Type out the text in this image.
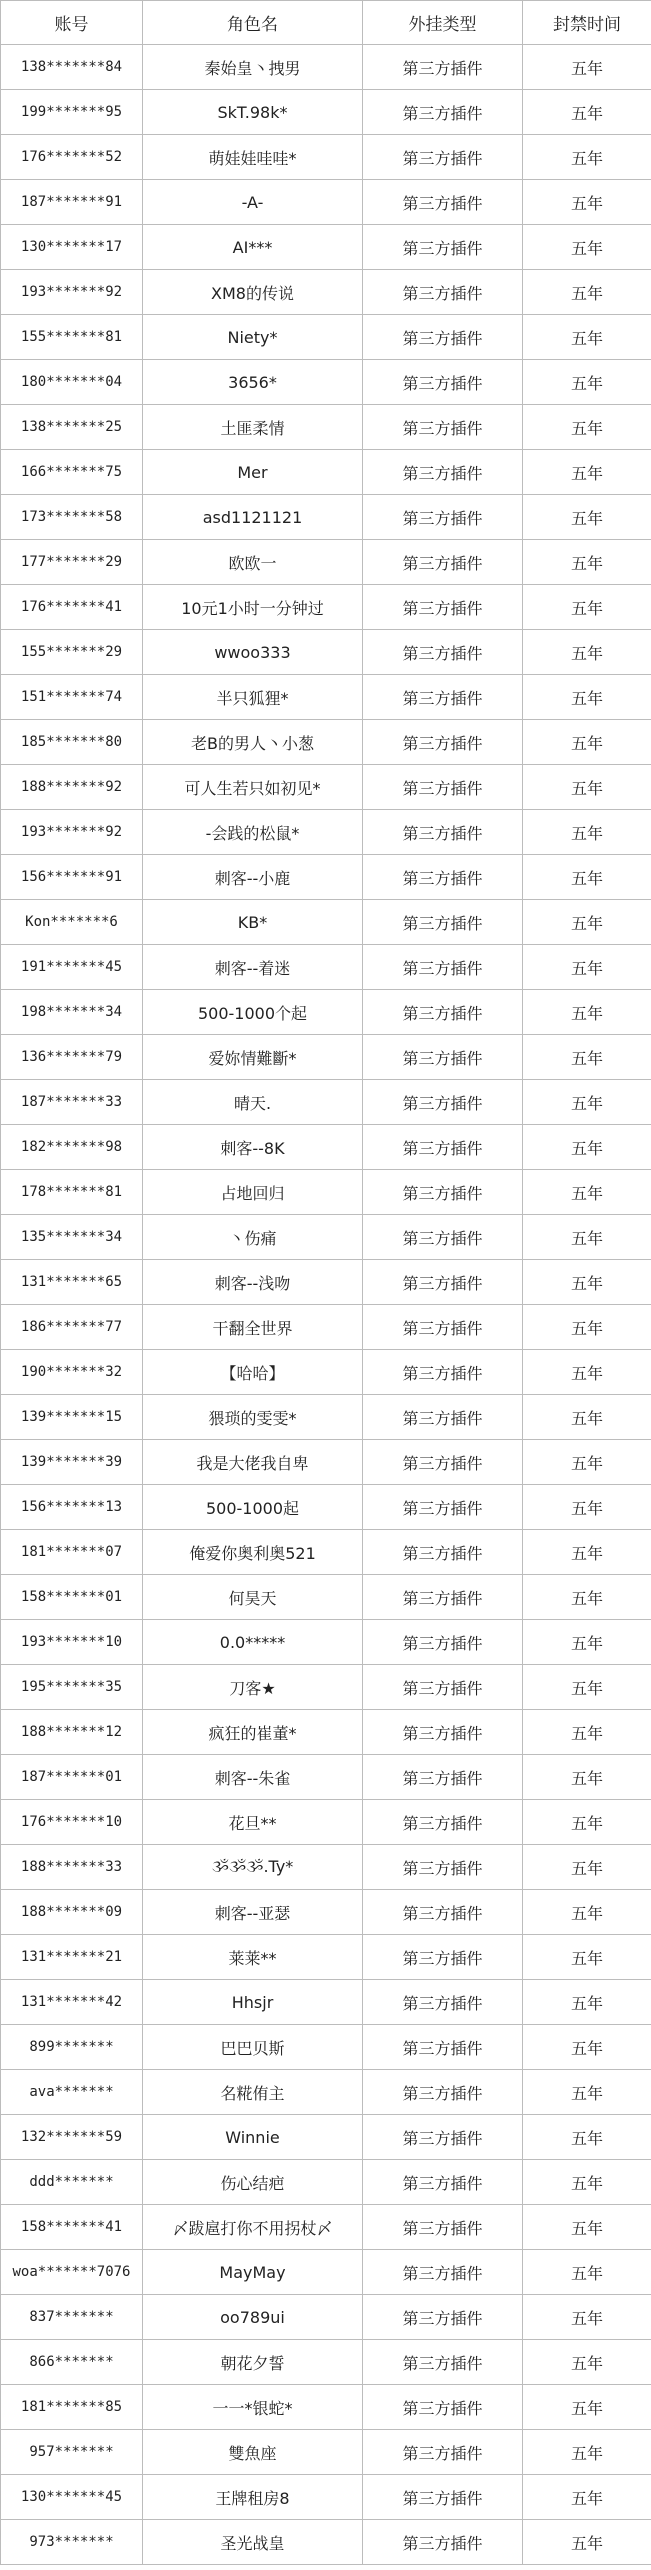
账号	角色名	外挂类型	封禁时间
138*******84	秦始皇丶拽男	第三方插件	五年
199*******95	SkT.98k*	第三方插件	五年
176*******52	萌娃娃哇哇*	第三方插件	五年
187*******91	-A-	第三方插件	五年
130*******17	AI***	第三方插件	五年
193*******92	XM8的传说	第三方插件	五年
155*******81	Niety*	第三方插件	五年
180*******04	3656*	第三方插件	五年
138*******25	土匪柔情	第三方插件	五年
166*******75	Mer	第三方插件	五年
173*******58	asd1121121	第三方插件	五年
177*******29	欧欧一	第三方插件	五年
176*******41	10元1小时一分钟过	第三方插件	五年
155*******29	wwoo333	第三方插件	五年
151*******74	半只狐狸*	第三方插件	五年
185*******80	老B的男人丶小葱	第三方插件	五年
188*******92	可人生若只如初见*	第三方插件	五年
193*******92	-会践的松鼠*	第三方插件	五年
156*******91	刺客--小鹿	第三方插件	五年
Kon*******6	KB*	第三方插件	五年
191*******45	刺客--着迷	第三方插件	五年
198*******34	500-1000个起	第三方插件	五年
136*******79	爱妳情難斷*	第三方插件	五年
187*******33	晴天.	第三方插件	五年
182*******98	刺客--8K	第三方插件	五年
178*******81	占地回归	第三方插件	五年
135*******34	丶伤痛	第三方插件	五年
131*******65	刺客--浅吻	第三方插件	五年
186*******77	干翻全世界	第三方插件	五年
190*******32	【哈哈】	第三方插件	五年
139*******15	猥琐的雯雯*	第三方插件	五年
139*******39	我是大佬我自卑	第三方插件	五年
156*******13	500-1000起	第三方插件	五年
181*******07	俺爱你奥利奥521	第三方插件	五年
158*******01	何昊天	第三方插件	五年
193*******10	0.0*****	第三方插件	五年
195*******35	刀客★	第三方插件	五年
188*******12	疯狂的崔董*	第三方插件	五年
187*******01	刺客--朱雀	第三方插件	五年
176*******10	花旦**	第三方插件	五年
188*******33	ૐૐૐ.Ty*	第三方插件	五年
188*******09	刺客--亚瑟	第三方插件	五年
131*******21	莱莱**	第三方插件	五年
131*******42	Hhsjr	第三方插件	五年
899*******	巴巴贝斯	第三方插件	五年
ava*******	名糀侑主	第三方插件	五年
132*******59	Winnie	第三方插件	五年
ddd*******	伤心结疤	第三方插件	五年
158*******41	〆跋扈打你不用拐杖〆	第三方插件	五年
woa*******7076	MayMay	第三方插件	五年
837*******	oo789ui	第三方插件	五年
866*******	朝花夕誓	第三方插件	五年
181*******85	一一*银蛇*	第三方插件	五年
957*******	雙魚座	第三方插件	五年
130*******45	王牌租房8	第三方插件	五年
973*******	圣光战皇	第三方插件	五年
